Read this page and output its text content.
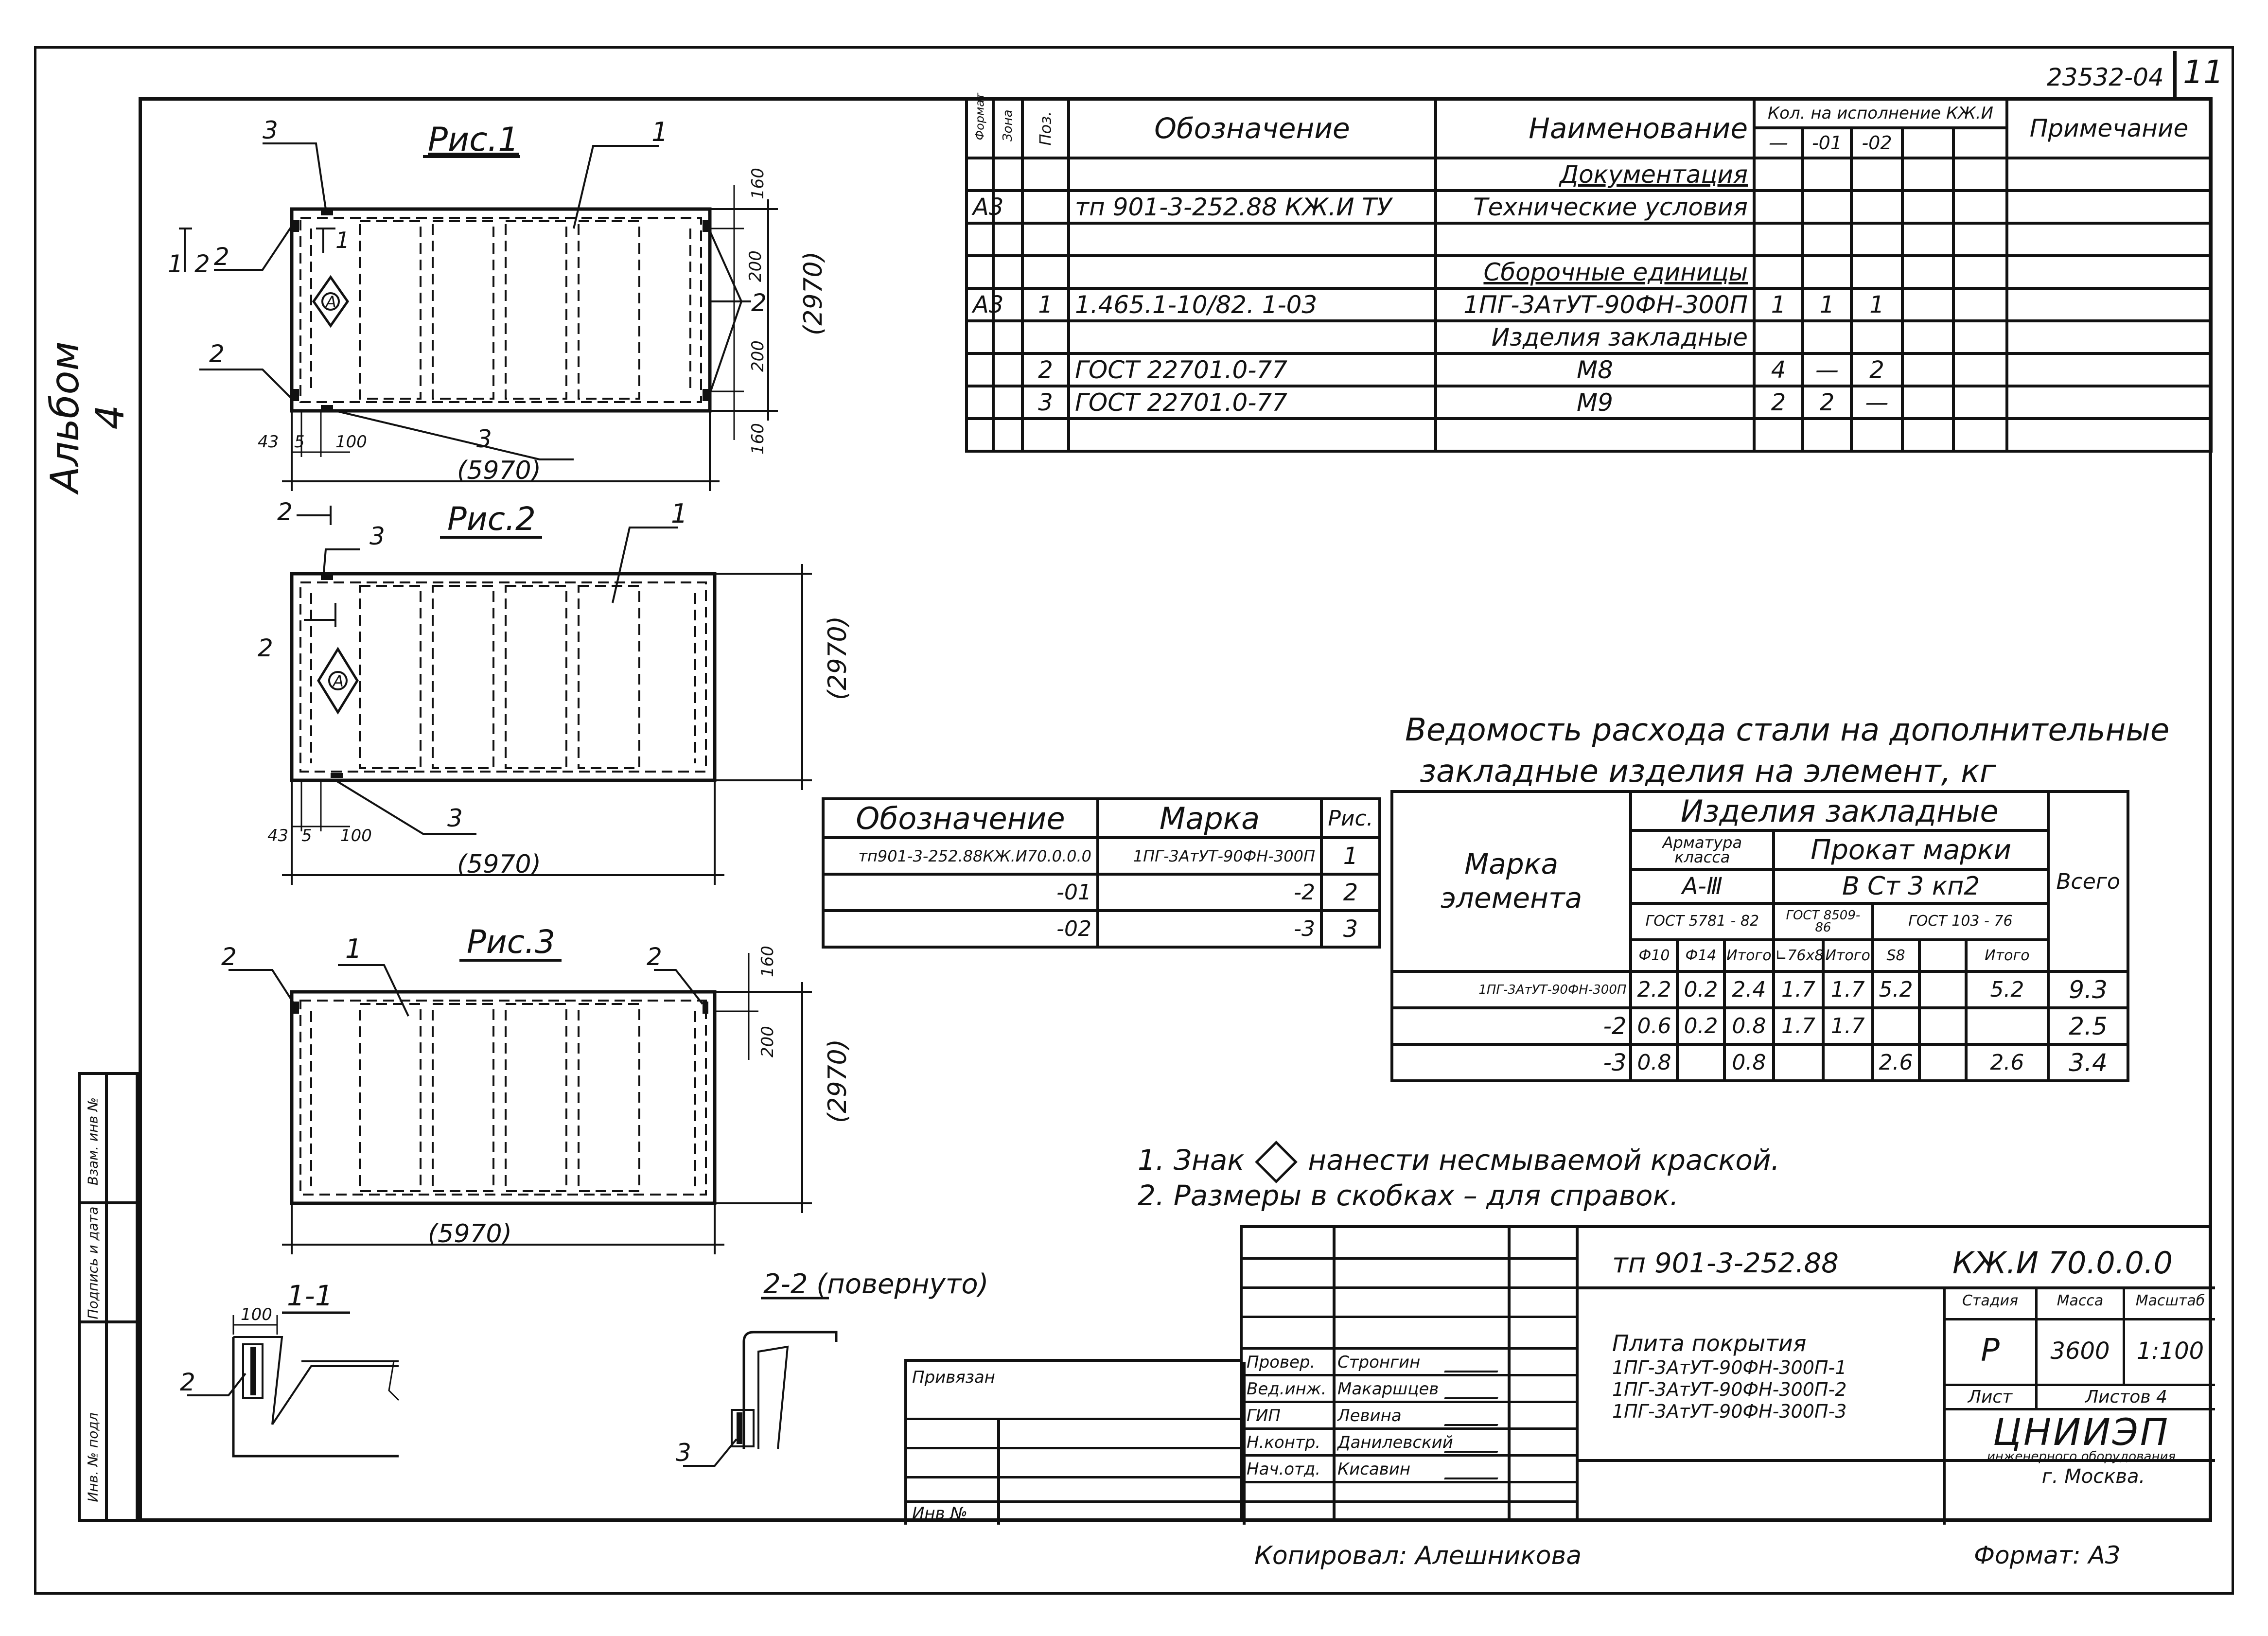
23532-04 11
Альбом 4
Инв. № подл
Подпись и дата
Взам. инв №
Рис.1
А
1
1
3
2
2
3
2
1 2
160
200
200
160
(2970)
43 5 100
(5970)
Рис.2
А
1
3
3
2
2
(2970)
43 5 100
(5970)
Рис.3
2	1	2	160
200 (2970)
(5970)
1-1
100
2
2-2 (повернуто)
3
Формат	Зона	Поз.	Обозначение	Наименование	Кол. на исполнение КЖ.И					Примечание
					—	-01	-02			
				Документация						
А3			тп 901-3-252.88 КЖ.И ТУ	Технические условия						

				Сборочные единицы						
А3		1	1.465.1-10/82. 1-03	1ПГ-3АтУТ-90ФН-300П	1	1	1			
				Изделия закладные						
		2	ГОСТ 22701.0-77	М8	4	—	2			
		3	ГОСТ 22701.0-77	М9	2	2	—			

Обозначение	Марка	Рис.
тп901-3-252.88КЖ.И70.0.0.0	1ПГ-3АтУТ-90ФН-300П	1
-01	-2	2
-02	-3	3
Ведомость расхода стали на дополнительные
закладные изделия на элемент, кг
Марка элемента	Изделия закладные								Всего
	Арматура класса			Прокат марки					
	А-Ⅲ			В Ст 3 кп2					
	ГОСТ 5781 - 82			ГОСТ 8509-86		ГОСТ 103 - 76			
	Ф10	Ф14	Итого	∟76x8	Итого	S8		Итого	
1ПГ-3АтУТ-90ФН-300П	2.2	0.2	2.4	1.7	1.7	5.2		5.2	9.3
-2	0.6	0.2	0.8	1.7	1.7				2.5
-3	0.8		0.8			2.6		2.6	3.4
1. Знак нанести несмываемой краской.
2. Размеры в скобках – для справок.
Провер. Стронгин
Вед.инж. Макаршцев
ГИП	Левина
Н.контр. Данилевский
Нач.отд. Кисавин
тп 901-3-252.88	КЖ.И 70.0.0.0
Плита покрытия
1ПГ-3АтУТ-90ФН-300П-1
1ПГ-3АтУТ-90ФН-300П-2
1ПГ-3АтУТ-90ФН-300П-3
Стадия	Масса	Масштаб
Р	3600	1:100
Лист	Листов 4
ЦНИИЭП
инженерного оборудования
г. Москва.
Привязан
Инв №
Копировал: Алешникова	Формат: А3
